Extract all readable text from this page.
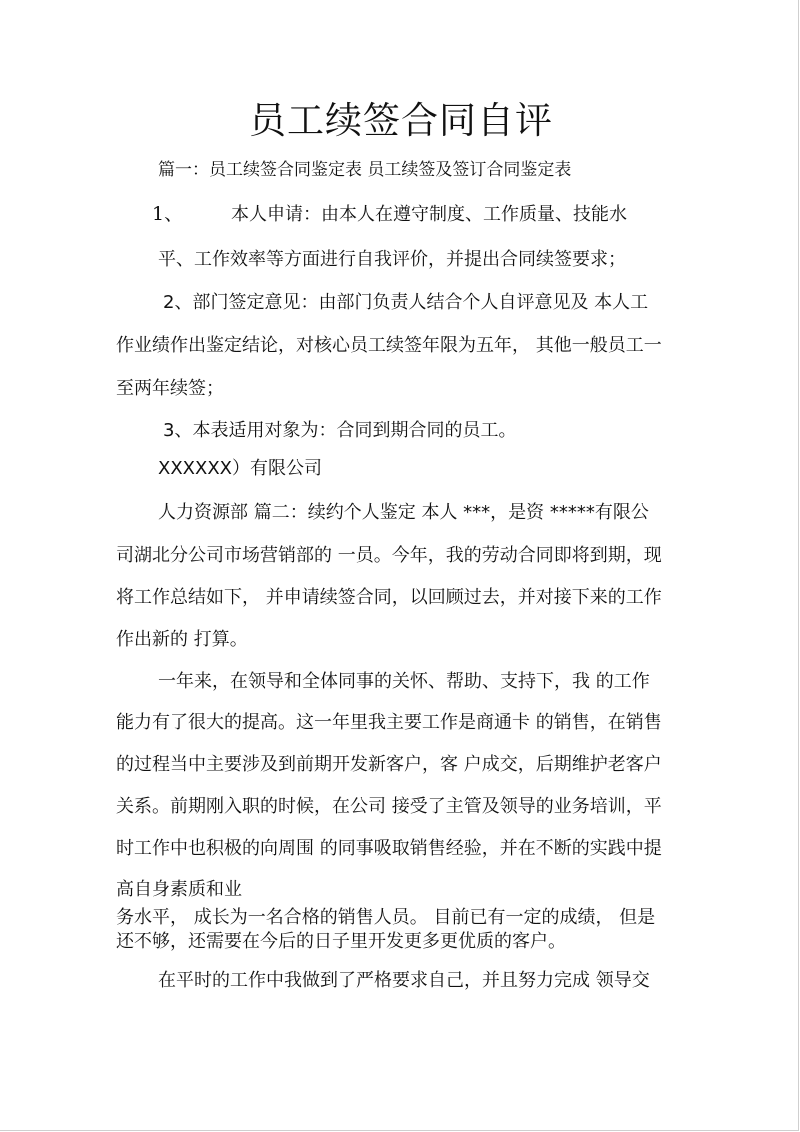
员工续签合同自评
篇一：员工续签合同鉴定表 员工续签及签订合同鉴定表
1、	本人申请：由本人在遵守制度、工作质量、技能水
平、工作效率等方面进行自我评价，并提出合同续签要求；
2、部门签定意见：由部门负责人结合个人自评意见及 本人工
作业绩作出鉴定结论，对核心员工续签年限为五年， 其他一般员工一
至两年续签；
3、本表适用对象为：合同到期合同的员工。
XXXXXX）有限公司
人力资源部 篇二：续约个人鉴定 本人 ***，是资 *****有限公
司湖北分公司市场营销部的 一员。今年，我的劳动合同即将到期，现
将工作总结如下， 并申请续签合同，以回顾过去，并对接下来的工作
作出新的 打算。
一年来，在领导和全体同事的关怀、帮助、支持下，我 的工作
能力有了很大的提高。这一年里我主要工作是商通卡 的销售，在销售
的过程当中主要涉及到前期开发新客户，客 户成交，后期维护老客户
关系。前期刚入职的时候，在公司 接受了主管及领导的业务培训，平
时工作中也积极的向周围 的同事吸取销售经验，并在不断的实践中提
高自身素质和业
务水平， 成长为一名合格的销售人员。 目前已有一定的成绩， 但是
还不够，还需要在今后的日子里开发更多更优质的客户。
在平时的工作中我做到了严格要求自己，并且努力完成 领导交
